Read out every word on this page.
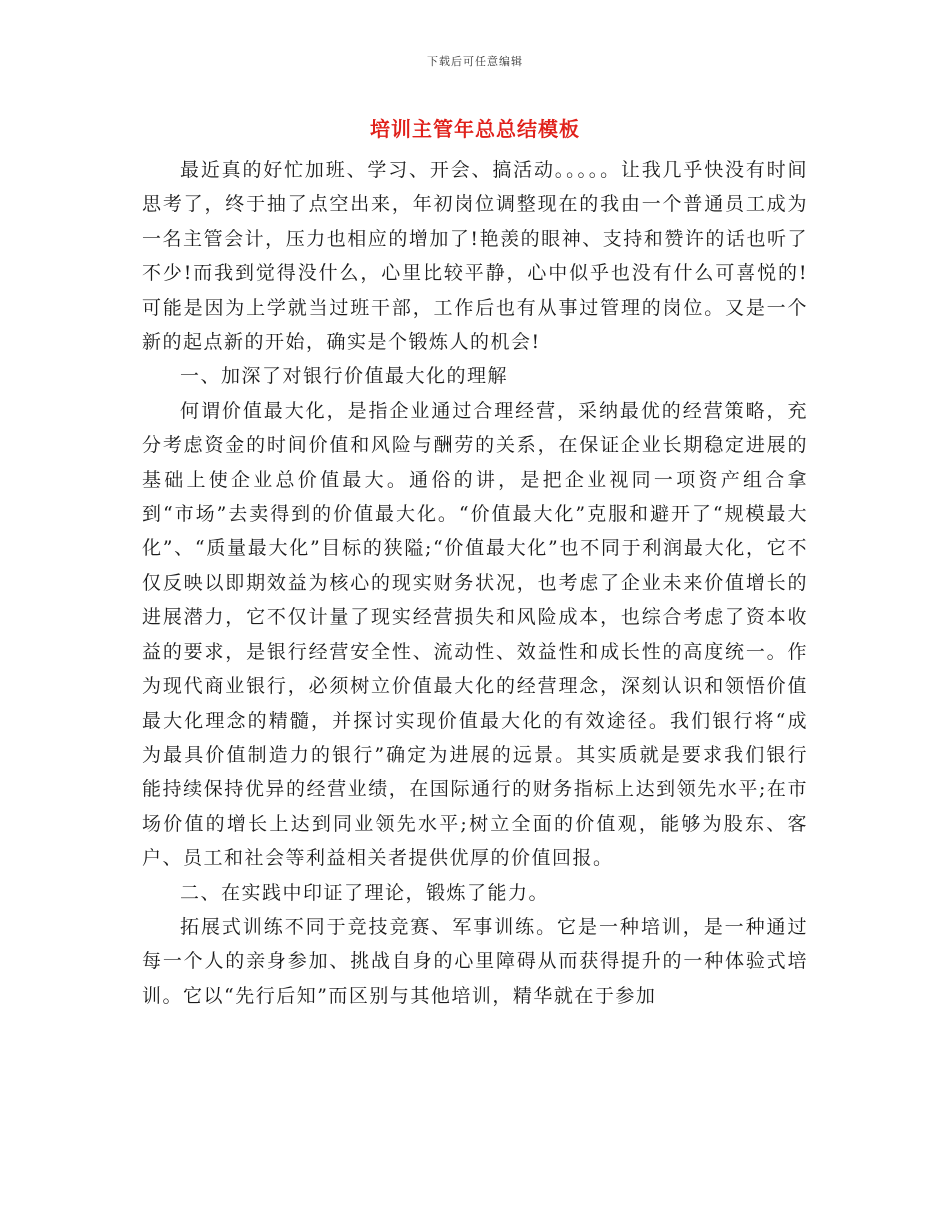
下载后可任意编辑
培训主管年总总结模板

最近真的好忙加班、学习、开会、搞活动。。。。。让我几乎快没有时间思考了，终于抽了点空出来，年初岗位调整现在的我由一个普通员工成为一名主管会计，压力也相应的增加了!艳羡的眼神、支持和赞许的话也听了不少!而我到觉得没什么，心里比较平静，心中似乎也没有什么可喜悦的!可能是因为上学就当过班干部，工作后也有从事过管理的岗位。又是一个新的起点新的开始，确实是个锻炼人的机会!

一、加深了对银行价值最大化的理解

何谓价值最大化，是指企业通过合理经营，采纳最优的经营策略，充分考虑资金的时间价值和风险与酬劳的关系，在保证企业长期稳定进展的基础上使企业总价值最大。通俗的讲，是把企业视同一项资产组合拿到“市场”去卖得到的价值最大化。“价值最大化”克服和避开了“规模最大化”、“质量最大化”目标的狭隘;“价值最大化”也不同于利润最大化，它不仅反映以即期效益为核心的现实财务状况，也考虑了企业未来价值增长的进展潜力，它不仅计量了现实经营损失和风险成本，也综合考虑了资本收益的要求，是银行经营安全性、流动性、效益性和成长性的高度统一。作为现代商业银行，必须树立价值最大化的经营理念，深刻认识和领悟价值最大化理念的精髓，并探讨实现价值最大化的有效途径。我们银行将“成为最具价值制造力的银行”确定为进展的远景。其实质就是要求我们银行能持续保持优异的经营业绩，在国际通行的财务指标上达到领先水平;在市场价值的增长上达到同业领先水平;树立全面的价值观，能够为股东、客户、员工和社会等利益相关者提供优厚的价值回报。

二、在实践中印证了理论，锻炼了能力。

拓展式训练不同于竞技竞赛、军事训练。它是一种培训，是一种通过每一个人的亲身参加、挑战自身的心里障碍从而获得提升的一种体验式培训。它以“先行后知”而区别与其他培训，精华就在于参加
